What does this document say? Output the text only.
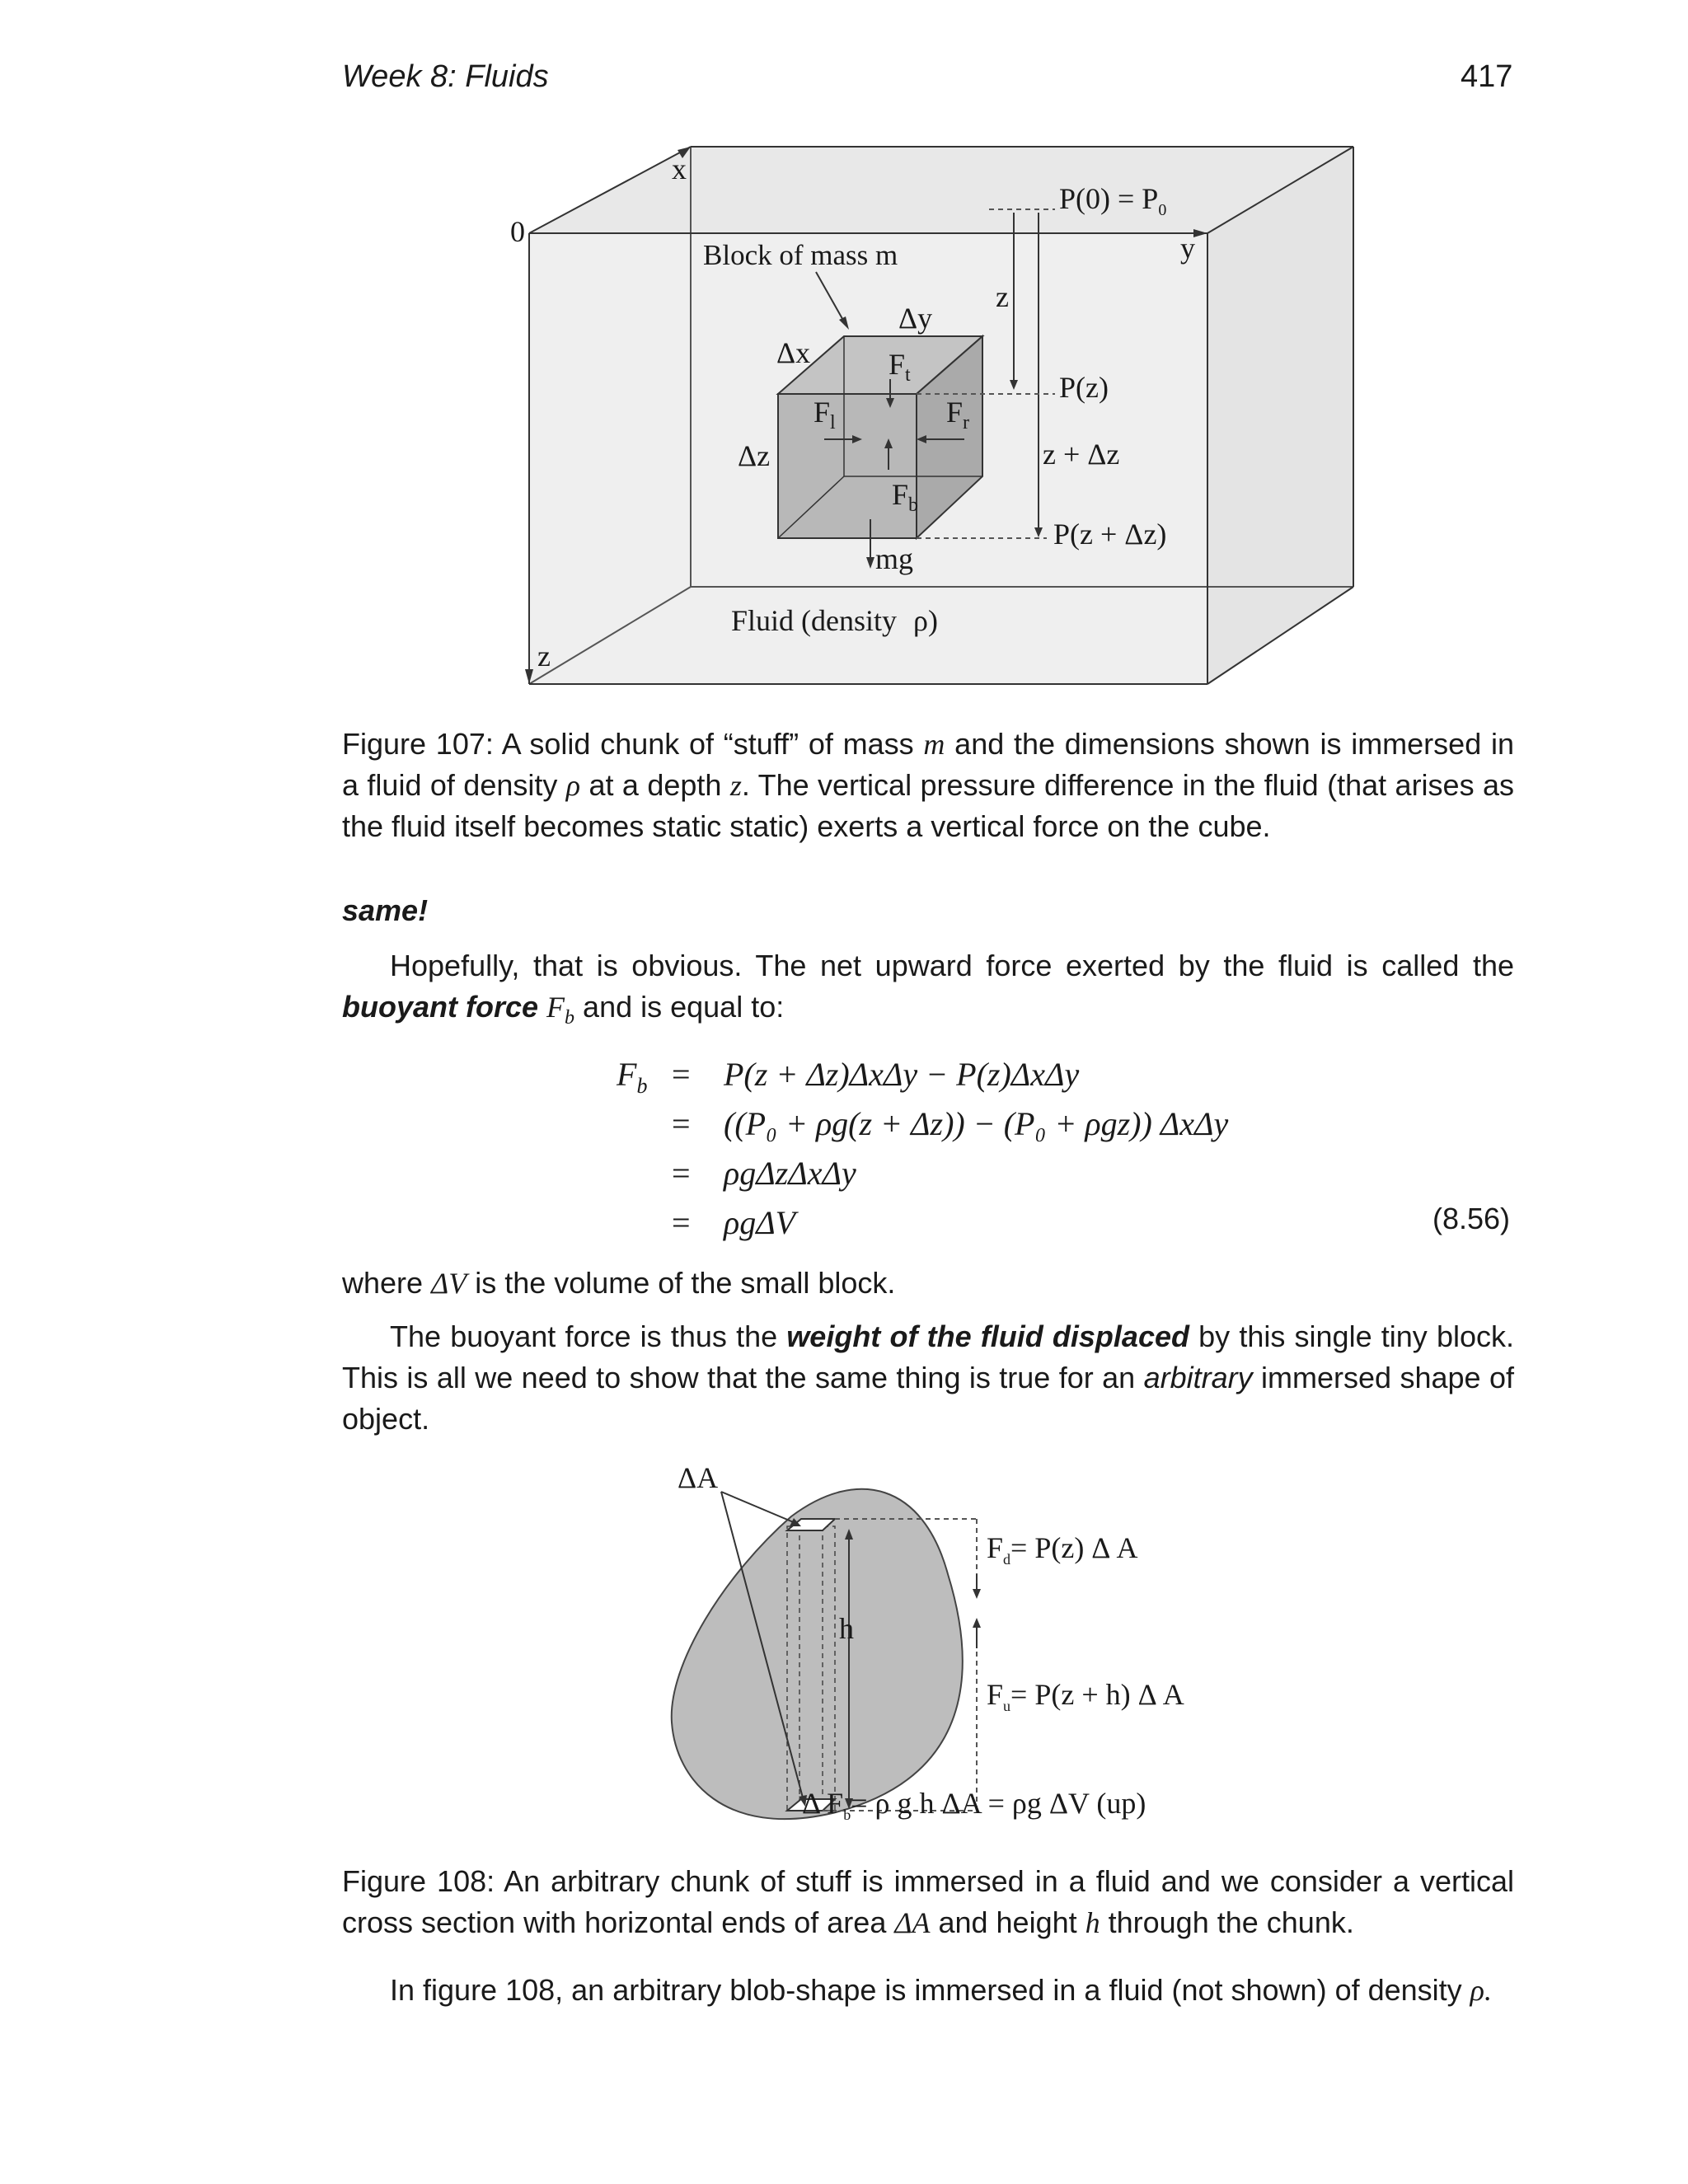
Week 8: Fluids	417
x
y
z
0
Block of mass m
Δy
Δx
Δz
$F_t$
$F_l$	$F_r$
$F_b$
mg
$P(0) = P_0$
z
P(z)
z + Δz
P(z + Δz)
Fluid (density ρ)
Figure 107: A solid chunk of “stuff” of mass m and the dimensions shown is immersed in a fluid of density ρ at a depth z. The vertical pressure difference in the fluid (that arises as the fluid itself becomes static static) exerts a vertical force on the cube.
same!
Hopefully, that is obvious. The net upward force exerted by the fluid is called the buoyant force $F_b$ and is equal to:
$F_b = P(z + \Delta z)\Delta x\Delta y - P(z)\Delta x\Delta y$
= ((P₀ + ρg(z + Δz)) − (P₀ + ρgz)) ΔxΔy
= ρgΔzΔxΔy
= ρgΔV	(8.56)
where ΔV is the volume of the small block.
The buoyant force is thus the weight of the fluid displaced by this single tiny block. This is all we need to show that the same thing is true for an arbitrary immersed shape of object.
ΔA
h
$F_d= P(z)$ Δ A
$F_u= P(z + h)$ Δ A
Δ $F_b= \rho$ g h ΔA = ρg ΔV (up)
Figure 108: An arbitrary chunk of stuff is immersed in a fluid and we consider a vertical cross section with horizontal ends of area ΔA and height h through the chunk.
In figure 108, an arbitrary blob-shape is immersed in a fluid (not shown) of density ρ.
